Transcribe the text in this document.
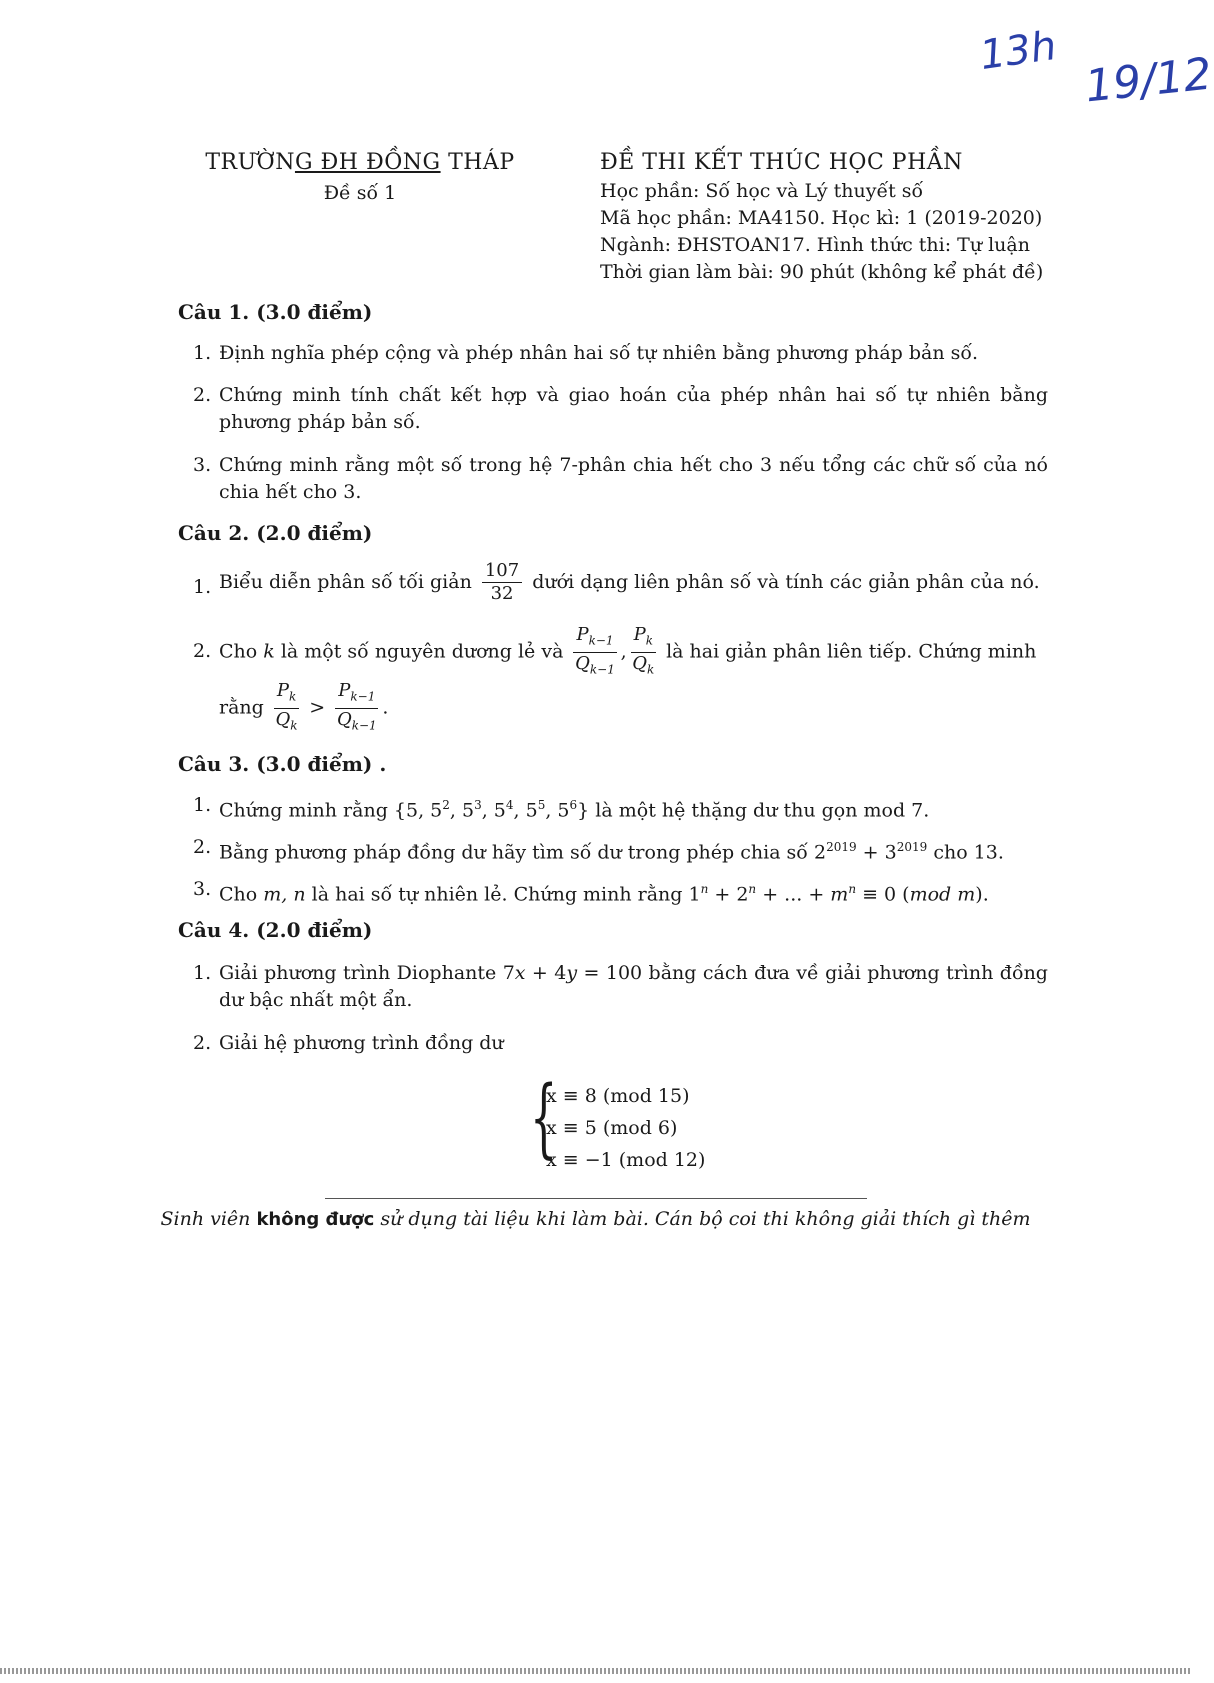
13h 19/12
TRƯỜNG ĐH ĐỒNG THÁP
Đề số 1
ĐỀ THI KẾT THÚC HỌC PHẦN
Học phần: Số học và Lý thuyết số
Mã học phần: MA4150. Học kì: 1 (2019-2020)
Ngành: ĐHSTOAN17. Hình thức thi: Tự luận
Thời gian làm bài: 90 phút (không kể phát đề)
Câu 1. (3.0 điểm)
1. Định nghĩa phép cộng và phép nhân hai số tự nhiên bằng phương pháp bản số.
2. Chứng minh tính chất kết hợp và giao hoán của phép nhân hai số tự nhiên bằng phương pháp bản số.
3. Chứng minh rằng một số trong hệ 7-phân chia hết cho 3 nếu tổng các chữ số của nó chia hết cho 3.
Câu 2. (2.0 điểm)
1. Biểu diễn phân số tối giản $\frac{107}{32}$ dưới dạng liên phân số và tính các giản phân của nó.
2. Cho k là một số nguyên dương lẻ và $\frac{P_{k-1}}{Q_{k-1}}$ , $\frac{P_k}{Q_k}$ là hai giản phân liên tiếp. Chứng minh
rằng $\frac{P_k}{Q_k} > \frac{P_{k-1}}{Q_{k-1}}$ .
Câu 3. (3.0 điểm) .
1. Chứng minh rằng {5, $5^2$, $5^3$, $5^4$, $5^5$, $5^6$} là một hệ thặng dư thu gọn mod 7.
2. Bằng phương pháp đồng dư hãy tìm số dư trong phép chia số $2^{2019} + 3^{2019}$ cho 13.
3. Cho m, n là hai số tự nhiên lẻ. Chứng minh rằng $1^n + 2^n$ + ... + $m^n \equiv 0$ (mod m).
Câu 4. (2.0 điểm)
1. Giải phương trình Diophante 7x + 4y = 100 bằng cách đưa về giải phương trình đồng dư bậc nhất một ẩn.
2. Giải hệ phương trình đồng dư
{
x ≡ 8 (mod 15)
x ≡ 5 (mod 6)
x ≡ −1 (mod 12)
Sinh viên không được sử dụng tài liệu khi làm bài. Cán bộ coi thi không giải thích gì thêm
